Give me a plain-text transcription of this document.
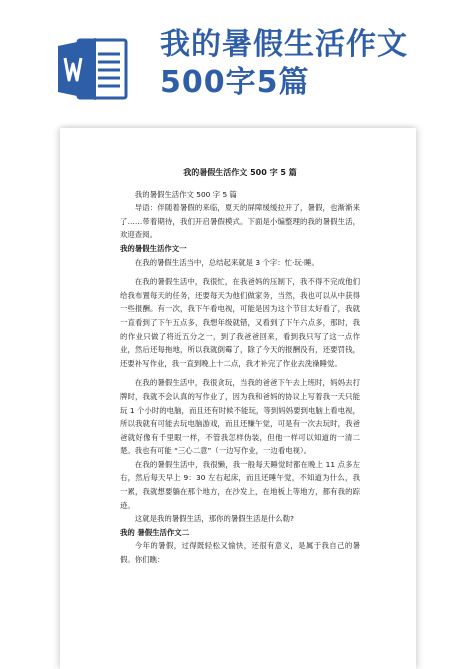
我的暑假生活作文
500字5篇

我的暑假生活作文 500 字 5 篇

我的暑假生活作文 500 字 5 篇

导语：伴随着暑假的来临，夏天的屏障缓缓拉开了，暑假，也渐渐来了……带着期待，我们开启暑假模式。下面是小编整理的我的暑假生活，欢迎查阅。

我的暑假生活作文一

在我的暑假生活当中，总结起来就是 3 个字：忙·玩·睡。

在我的暑假生活中，我很忙，在我爸妈的压制下，我不得不完成他们给我布置每天的任务，还要每天为他们做家务，当然，我也可以从中获得一些报酬。有一次，我下午看电视，可能是因为这个节目太好看了，我就一直看到了下午五点多，我想年级就错，又看到了下午六点多，那时，我的作业只做了将近五分之一，到了我爸爸回来，看到我只写了这一点作业，然后还每拖地，所以我就倒霉了，除了今天的报酬没有，还要罚钱，还要补写作业，我一直到晚上十二点，我才补完了作业去洗澡睡觉。

在我的暑假生活中，我很贪玩，当我的爸爸下午去上班时，妈妈去打牌时，我就不会认真的写作业了，因为我和爸妈的协议上写着我一天只能玩 1 个小时的电脑，而且还有时候不能玩，等到妈妈要到电脑上看电视，所以我就有可能去玩电脑游戏，而且还赚午觉，可是有一次去玩时，我爸爸就好像有千里眼一样，不管我怎样伪装，但他一样可以知道的一清二楚。我也有可能 “三心二意”（一边写作业，一边看电视）。

在我的暑假生活中，我很懒，我一般每天睡觉时都在晚上 11 点多左右，然后每天早上 9：30 左右起床，而且还睡午觉，不知道为什么，我一累，我就想要躺在那个地方，在沙发上，在地板上等地方，都有我的踪迹。

这就是我的暑假生活，那你的暑假生活是什么勒?

我的 暑假生活作文二

今年的暑假，过得既轻松又愉快，还很有意义，是属于我自己的暑假。你们瞧：
